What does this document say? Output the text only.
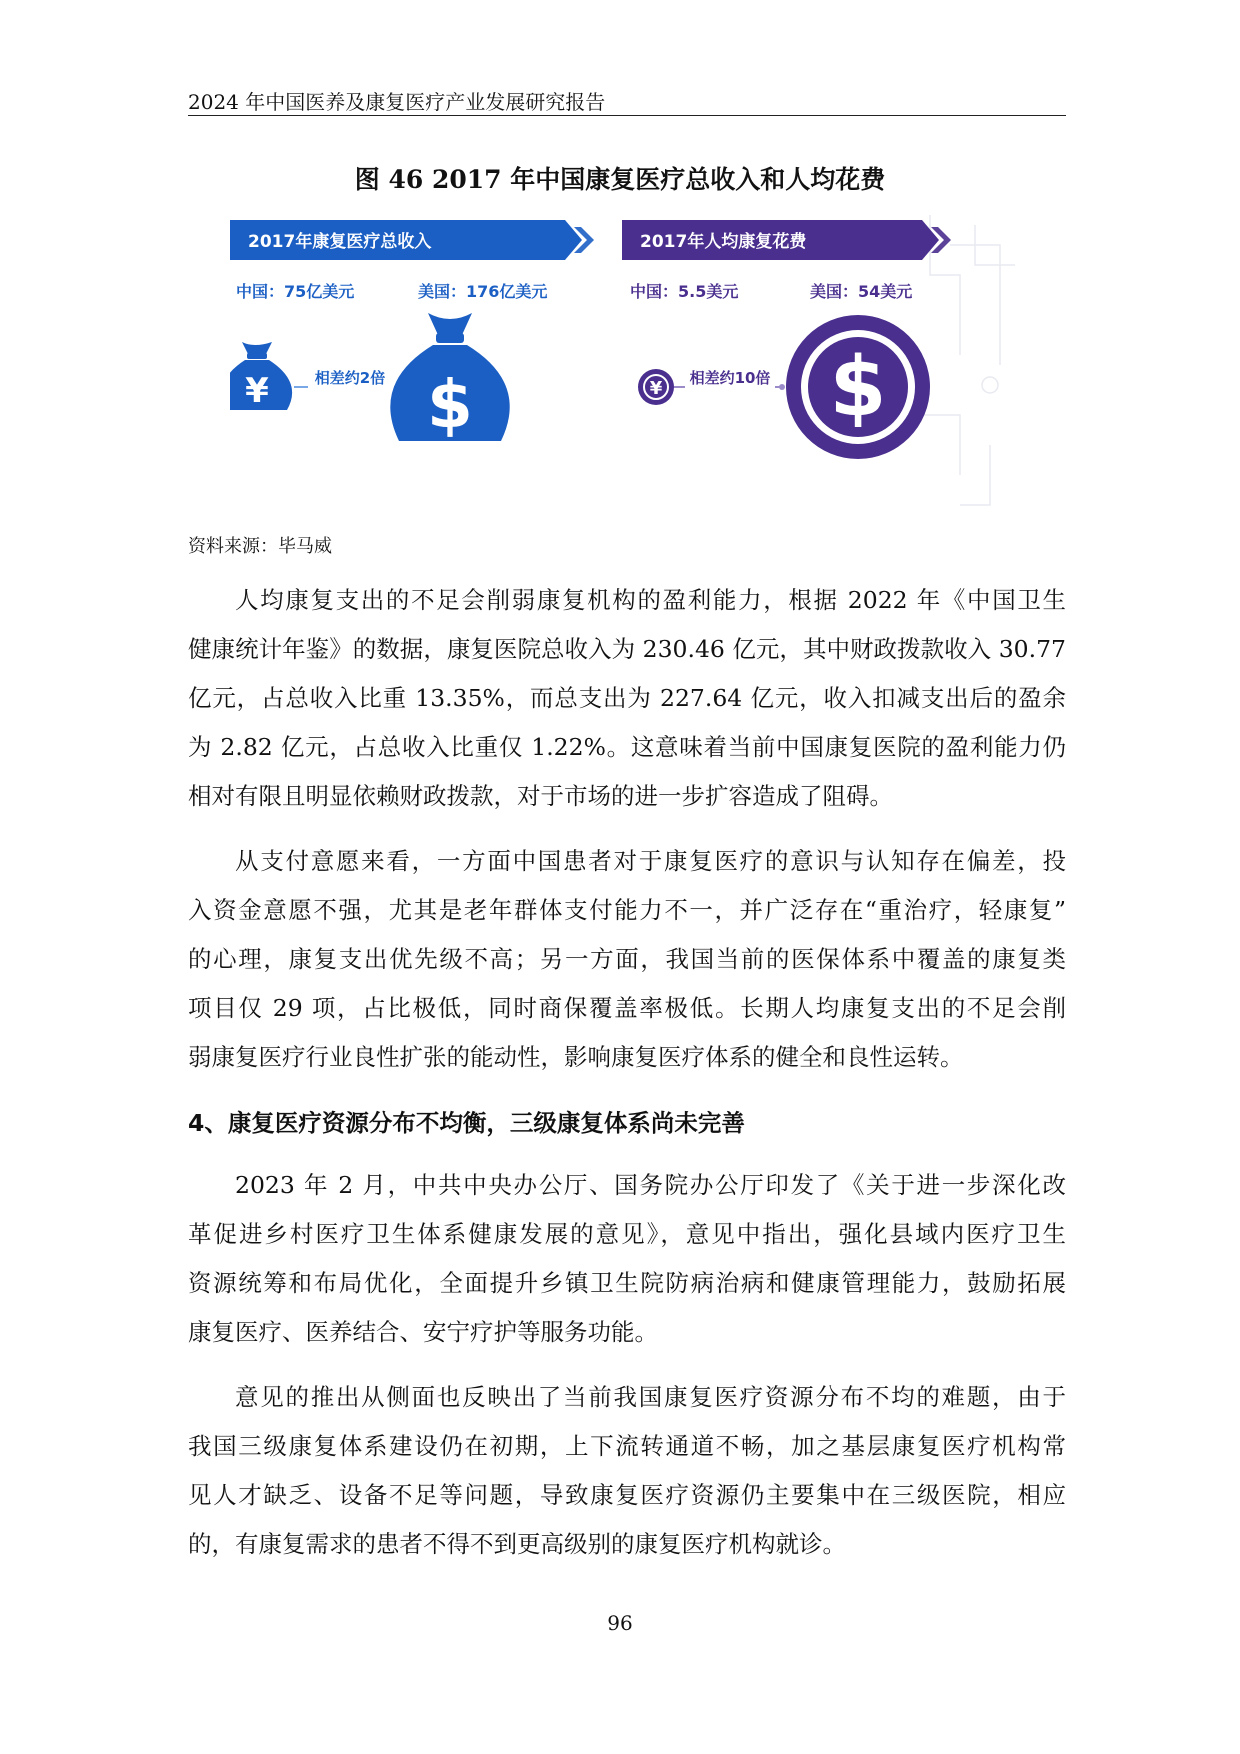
2024 年中国医养及康复医疗产业发展研究报告
图 46 2017 年中国康复医疗总收入和人均花费
2017年康复医疗总收入
中国：75亿美元	美国：176亿美元
¥	相差约2倍 $
2017年人均康复花费
中国：5.5美元	美国：54美元
¥ 相差约10倍 $
资料来源：毕马威

人均康复支出的不足会削弱康复机构的盈利能力，根据 2022 年《中国卫生
健康统计年鉴》的数据，康复医院总收入为 230.46 亿元，其中财政拨款收入 30.77
亿元，占总收入比重 13.35%，而总支出为 227.64 亿元，收入扣减支出后的盈余
为 2.82 亿元，占总收入比重仅 1.22%。这意味着当前中国康复医院的盈利能力仍
相对有限且明显依赖财政拨款，对于市场的进一步扩容造成了阻碍。

从支付意愿来看，一方面中国患者对于康复医疗的意识与认知存在偏差，投
入资金意愿不强，尤其是老年群体支付能力不一，并广泛存在“重治疗，轻康复”
的心理，康复支出优先级不高；另一方面，我国当前的医保体系中覆盖的康复类
项目仅 29 项，占比极低，同时商保覆盖率极低。长期人均康复支出的不足会削
弱康复医疗行业良性扩张的能动性，影响康复医疗体系的健全和良性运转。

4、康复医疗资源分布不均衡，三级康复体系尚未完善

2023 年 2 月，中共中央办公厅、国务院办公厅印发了《关于进一步深化改
革促进乡村医疗卫生体系健康发展的意见》，意见中指出，强化县域内医疗卫生
资源统筹和布局优化，全面提升乡镇卫生院防病治病和健康管理能力，鼓励拓展
康复医疗、医养结合、安宁疗护等服务功能。

意见的推出从侧面也反映出了当前我国康复医疗资源分布不均的难题，由于
我国三级康复体系建设仍在初期，上下流转通道不畅，加之基层康复医疗机构常
见人才缺乏、设备不足等问题，导致康复医疗资源仍主要集中在三级医院，相应
的，有康复需求的患者不得不到更高级别的康复医疗机构就诊。

96
